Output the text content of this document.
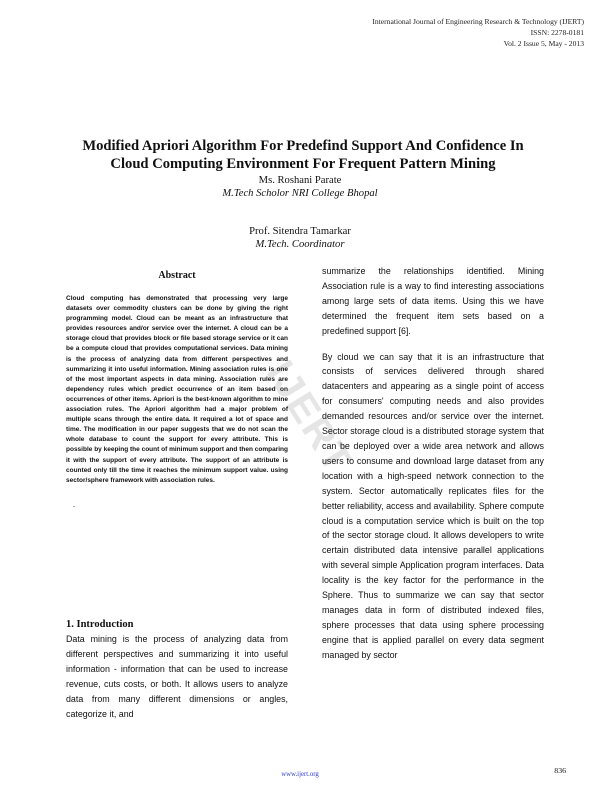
International Journal of Engineering Research & Technology (IJERT)
ISSN: 2278-0181
Vol. 2 Issue 5, May - 2013
Modified Apriori Algorithm For Predefind Support And Confidence In
Cloud Computing Environment For Frequent Pattern Mining
Ms. Roshani Parate
M.Tech Scholor NRI College Bhopal
Prof. Sitendra Tamarkar
M.Tech. Coordinator
IJERT
Abstract

Cloud computing has demonstrated that processing very large datasets over commodity clusters can be done by giving the right programming model. Cloud can be meant as an infrastructure that provides resources and/or service over the internet. A cloud can be a storage cloud that provides block or file based storage service or it can be a compute cloud that provides computational services. Data mining is the process of analyzing data from different perspectives and summarizing it into useful information. Mining association rules is one of the most important aspects in data mining. Association rules are dependency rules which predict occurrence of an item based on occurrences of other items. Apriori is the best-known algorithm to mine association rules. The Apriori algorithm had a major problem of multiple scans through the entire data. It required a lot of space and time. The modification in our paper suggests that we do not scan the whole database to count the support for every attribute. This is possible by keeping the count of minimum support and then comparing it with the support of every attribute. The support of an attribute is counted only till the time it reaches the minimum support value. using sector/sphere framework with association rules.

.
1. Introduction

Data mining is the process of analyzing data from different perspectives and summarizing it into useful information - information that can be used to increase revenue, cuts costs, or both. It allows users to analyze data from many different dimensions or angles, categorize it, and

summarize the relationships identified. Mining Association rule is a way to find interesting associations among large sets of data items. Using this we have determined the frequent item sets based on a predefined support [6].

By cloud we can say that it is an infrastructure that consists of services delivered through shared datacenters and appearing as a single point of access for consumers' computing needs and also provides demanded resources and/or service over the internet. Sector storage cloud is a distributed storage system that can be deployed over a wide area network and allows users to consume and download large dataset from any location with a high-speed network connection to the system. Sector automatically replicates files for the better reliability, access and availability. Sphere compute cloud is a computation service which is built on the top of the sector storage cloud. It allows developers to write certain distributed data intensive parallel applications with several simple Application program interfaces. Data locality is the key factor for the performance in the Sphere. Thus to summarize we can say that sector manages data in form of distributed indexed files, sphere processes that data using sphere processing engine that is applied parallel on every data segment managed by sector

www.ijert.org	836
